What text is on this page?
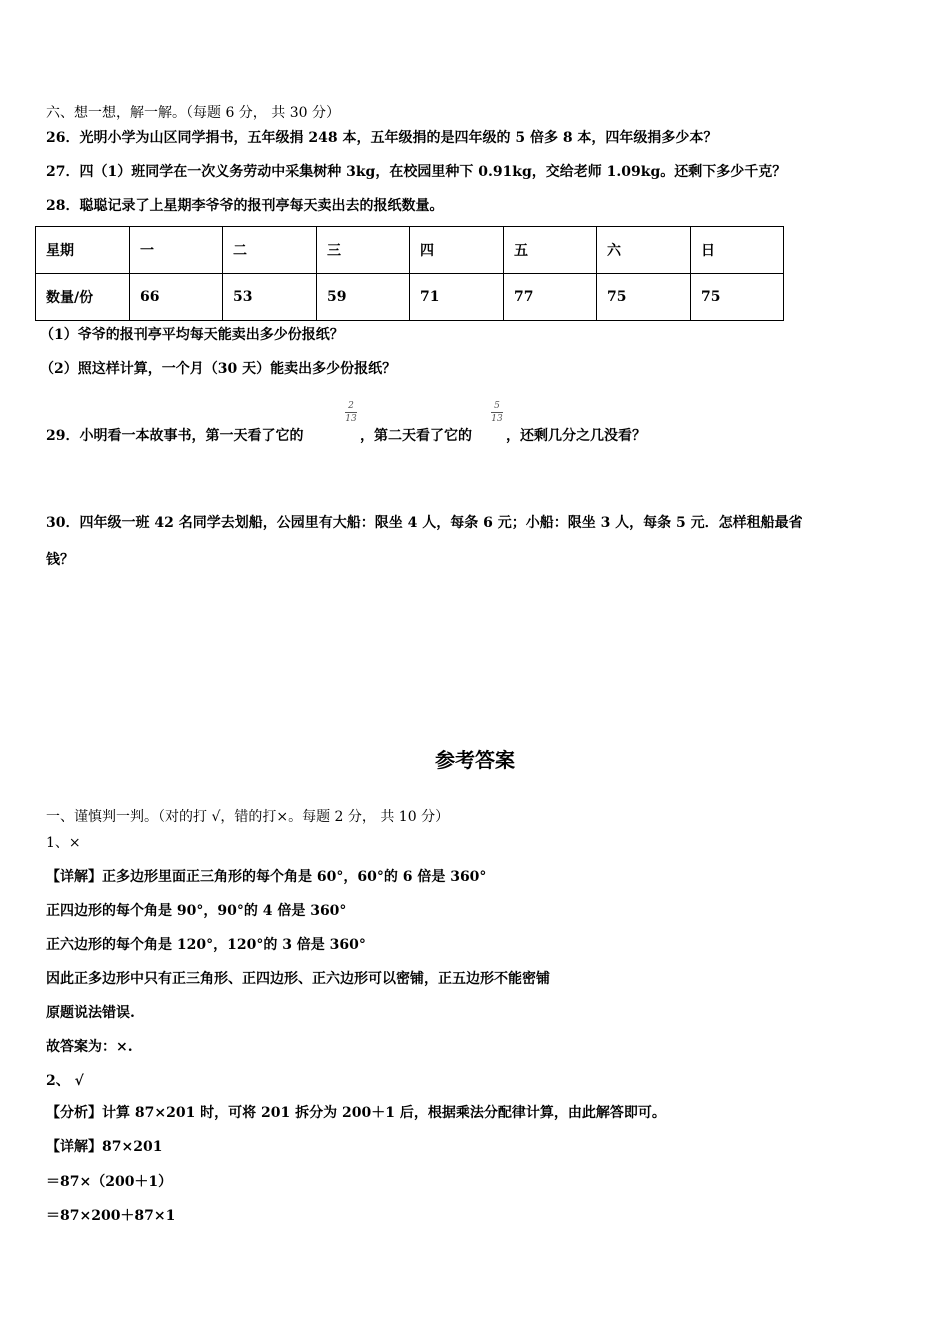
六、想一想，解一解。（每题 6 分， 共 30 分）
26．光明小学为山区同学捐书，五年级捐 248 本，五年级捐的是四年级的 5 倍多 8 本，四年级捐多少本？
27．四（1）班同学在一次义务劳动中采集树种 3kg，在校园里种下 0.91kg，交给老师 1.09kg。还剩下多少千克？
28．聪聪记录了上星期李爷爷的报刊亭每天卖出去的报纸数量。
星期	一	二	三	四	五	六	日
数量/份	66	53	59	71	77	75	75
（1）爷爷的报刊亭平均每天能卖出多少份报纸？
（2）照这样计算，一个月（30 天）能卖出多少份报纸？
29．小明看一本故事书，第一天看了它的
2
13
，第二天看了它的
5
13
，还剩几分之几没看？
30．四年级一班 42 名同学去划船，公园里有大船：限坐 4 人，每条 6 元；小船：限坐 3 人，每条 5 元．怎样租船最省
钱？
参考答案
一、谨慎判一判。（对的打 √，错的打×。每题 2 分， 共 10 分）
1、×
【详解】正多边形里面正三角形的每个角是 60°，60°的 6 倍是 360°
正四边形的每个角是 90°，90°的 4 倍是 360°
正六边形的每个角是 120°，120°的 3 倍是 360°
因此正多边形中只有正三角形、正四边形、正六边形可以密铺，正五边形不能密铺
原题说法错误.
故答案为：×.
2、 √
【分析】计算 87×201 时，可将 201 拆分为 200＋1 后，根据乘法分配律计算，由此解答即可。
【详解】87×201
＝87×（200＋1）
＝87×200＋87×1
